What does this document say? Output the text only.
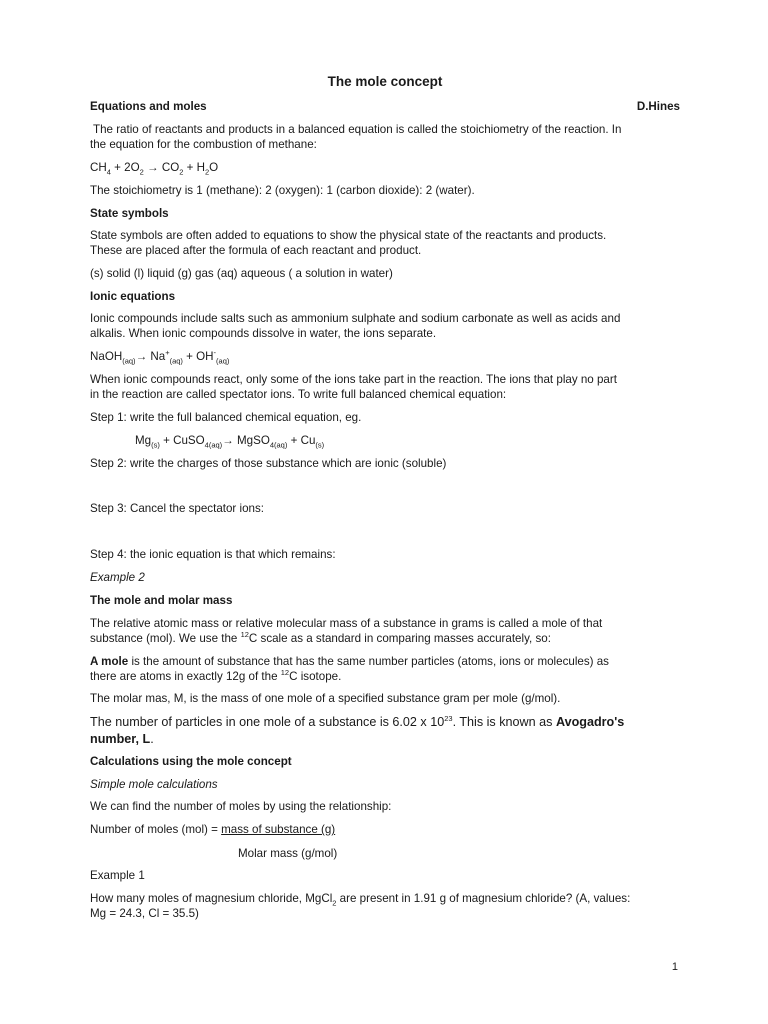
The mole concept
Equations and moles	D.Hines
The ratio of reactants and products in a balanced equation is called the stoichiometry of the reaction. In
the equation for the combustion of methane:
$CH_4 + 2O_2 \to CO_2 + H_2O$
The stoichiometry is 1 (methane): 2 (oxygen): 1 (carbon dioxide): 2 (water).
State symbols
State symbols are often added to equations to show the physical state of the reactants and products.
These are placed after the formula of each reactant and product.
(s) solid (l) liquid (g) gas (aq) aqueous ( a solution in water)
Ionic equations
Ionic compounds include salts such as ammonium sulphate and sodium carbonate as well as acids and
alkalis. When ionic compounds dissolve in water, the ions separate.
NaOH$_{(aq)}$→ $Na^+_{(aq)} + OH^-_{(aq)}$
When ionic compounds react, only some of the ions take part in the reaction. The ions that play no part
in the reaction are called spectator ions. To write full balanced chemical equation:
Step 1: write the full balanced chemical equation, eg.
$Mg_{(s)}$ + CuSO$_{4(aq)}$→ MgSO$_{4(aq)}$ + $Cu_{(s)}$
Step 2: write the charges of those substance which are ionic (soluble)
Step 3: Cancel the spectator ions:
Step 4: the ionic equation is that which remains:
Example 2
The mole and molar mass
The relative atomic mass or relative molecular mass of a substance in grams is called a mole of that
substance (mol). We use the $^{12}$C scale as a standard in comparing masses accurately, so:
A mole is the amount of substance that has the same number particles (atoms, ions or molecules) as
there are atoms in exactly 12g of the $^{12}$C isotope.
The molar mas, M, is the mass of one mole of a specified substance gram per mole (g/mol).
The number of particles in one mole of a substance is 6.02 x $10^{23}$. This is known as Avogadro's
number, L.
Calculations using the mole concept
Simple mole calculations
We can find the number of moles by using the relationship:
Number of moles (mol) = mass of substance (g)
Molar mass (g/mol)
Example 1
How many moles of magnesium chloride, MgCl$_2$ are present in 1.91 g of magnesium chloride? (A, values:
Mg = 24.3, Cl = 35.5)
1
